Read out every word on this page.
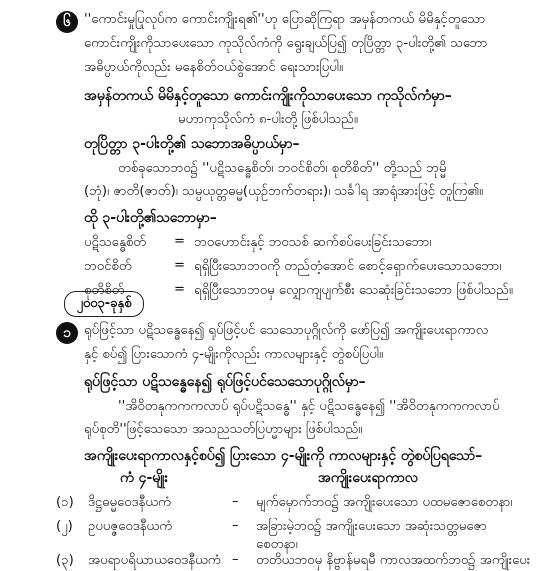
၆ ''ကောင်းမှုပြုလုပ်က ကောင်းကျိုးရ၏''ဟု ပြောဆိုကြရာ အမှန်တကယ် မိမိနှင့်တူသော
ကောင်းကျိုးကိုသာပေးသော ကုသိုလ်ကံကို ရွေးချယ်ပြ၍ တုပြိတ္တာ ၃-ပါးတို့၏ သဘော
အဓိပ္ပာယ်ကိုလည်း မနေစိတ်ဝယ်စွဲအောင် ရေးသားပြပါ။
အမှန်တကယ် မိမိနှင့်တူသော ကောင်းကျိုးကိုသာပေးသော ကုသိုလ်ကံမှာ–
မဟာကုသိုလ်ကံ ၈-ပါးတို့ ဖြစ်ပါသည်။
တုပြိတ္တာ ၃-ပါးတို့၏ သဘောအဓိပ္ပာယ်မှာ–
တစ်ခုသောဘဝ၌ ''ပဋိသန္ဓေစိတ်၊ ဘဝင်စိတ်၊ စုတိစိတ်'' တို့သည် ဘုမ္မိ
(ဘုံ)၊ ဇာတိ(ဇာတ်)၊ သမ္ပယုတ္တဓမ္မ(ယှဉ်ဘက်တရား)၊ သင်္ခါရ အာရုံအားဖြင့် တူကြ၏။
ထို ၃-ပါးတို့၏သဘောမှာ–
ပဋိသန္ဓေစိတ် = ဘဝဟောင်းနှင့် ဘဝသစ် ဆက်စပ်ပေးခြင်းသဘော၊
ဘဝင်စိတ်	= ရရှိပြီးသောဘဝကို တည်တံ့အောင် စောင့်ရှောက်ပေးသောသဘော၊
စုတိစိတ်	= ရရှိပြီးသောဘဝမှ လျှောကျပျက်စီး သေဆုံးခြင်းသဘော ဖြစ်ပါသည်။
၂၀၀၃-ခုနှစ်
၁ ရုပ်ဖြင့်သာ ပဋိသန္ဓေနေ၍ ရုပ်ဖြင့်ပင် သေသောပုဂ္ဂိုလ်ကို ဖော်ပြ၍ အကျိုးပေးရာကာလ
နှင့် စပ်၍ ပြားသောကံ ၄-မျိုးကိုလည်း ကာလများနှင့် တွဲစပ်ပြပါ။
ရုပ်ဖြင့်သာ ပဋိသန္ဓေနေ၍ ရုပ်ဖြင့်ပင်သေသောပုဂ္ဂိုလ်မှာ–
''အိဝိတနုကကကလာပ် ရုပ်ပဋိသန္ဓေ'' နှင့် ပဋိသန္ဓေနေ၍ ''အိဝိတနုကကကလာပ်
ရုပ်စုတိ''ဖြင့်သေသော အသညသတ်ပြဟ္မာများ ဖြစ်ပါသည်။
အကျိုးပေးရာကာလနှင့်စပ်၍ ပြားသော ၄-မျိုးကို ကာလများနှင့် တွဲစပ်ပြရသော်–
ကံ ၄-မျိုး	အကျိုးပေးရာကာလ
(၁) ဒိဋ္ဌဓမ္မဝေဒနီယကံ	– မျက်မှောက်ဘဝ၌ အကျိုးပေးသော ပထမဇောစေတနာ၊
(၂) ဥပပဇ္ဇဝေဒနီယကံ	– အခြားမဲ့ဘဝ၌ အကျိုးပေးသော အဆုံးသတ္တမဇော
စေတနာ၊
(၃) အပရာပရိယာယဝေဒနီယကံ – တတိယဘဝမှ နိဗ္ဗာန်မရမီ ကာလအထက်ဘဝ၌ အကျိုးပေး
